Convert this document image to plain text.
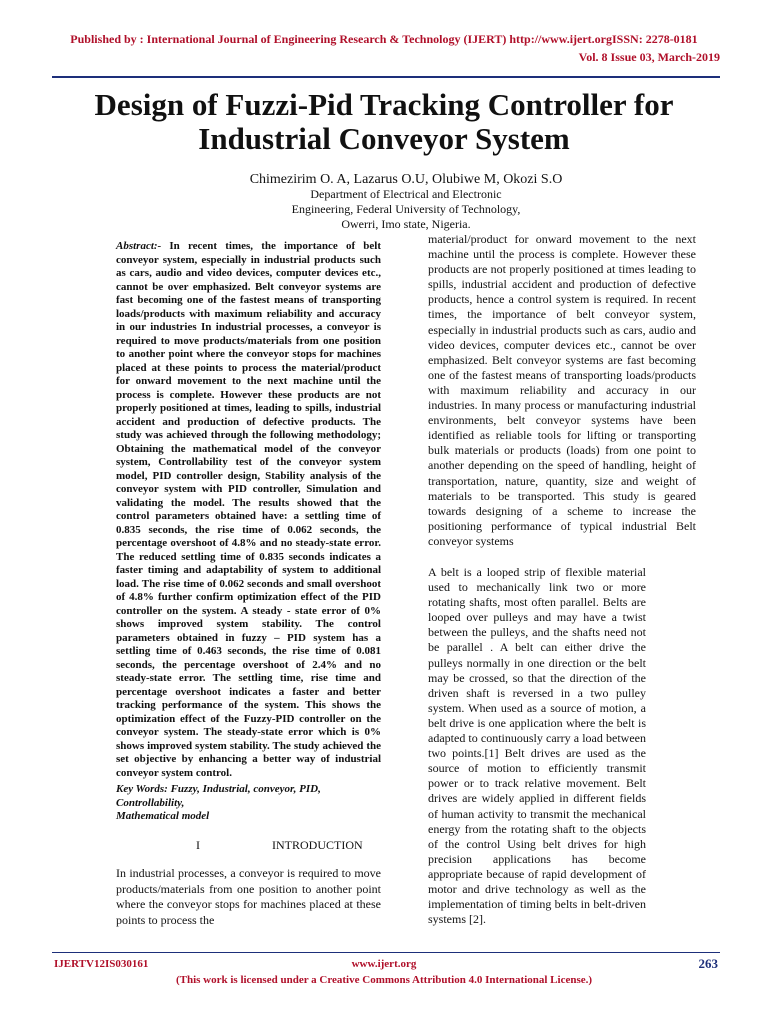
Published by : International Journal of Engineering Research & Technology (IJERT) http://www.ijert.orgISSN: 2278-0181
Vol. 8 Issue 03, March-2019
Design of Fuzzi-Pid Tracking Controller for
Industrial Conveyor System
Chimezirim O. A, Lazarus O.U, Olubiwe M, Okozi S.O
Department of Electrical and Electronic
Engineering, Federal University of Technology,
Owerri, Imo state, Nigeria.

Abstract:- In recent times, the importance of belt conveyor system, especially in industrial products such as cars, audio and video devices, computer devices etc., cannot be over emphasized. Belt conveyor systems are fast becoming one of the fastest means of transporting loads/products with maximum reliability and accuracy in our industries In industrial processes, a conveyor is required to move products/materials from one position to another point where the conveyor stops for machines placed at these points to process the material/product for onward movement to the next machine until the process is complete. However these products are not properly positioned at times, leading to spills, industrial accident and production of defective products. The study was achieved through the following methodology; Obtaining the mathematical model of the conveyor system, Controllability test of the conveyor system model, PID controller design, Stability analysis of the conveyor system with PID controller, Simulation and validating the model. The results showed that the control parameters obtained have: a settling time of 0.835 seconds, the rise time of 0.062 seconds, the percentage overshoot of 4.8% and no steady-state error. The reduced settling time of 0.835 seconds indicates a faster timing and adaptability of system to additional load. The rise time of 0.062 seconds and small overshoot of 4.8% further confirm optimization effect of the PID controller on the system. A steady - state error of 0% shows improved system stability. The control parameters obtained in fuzzy – PID system has a settling time of 0.463 seconds, the rise time of 0.081 seconds, the percentage overshoot of 2.4% and no steady-state error. The settling time, rise time and percentage overshoot indicates a faster and better tracking performance of the system. This shows the optimization effect of the Fuzzy-PID controller on the conveyor system. The steady-state error which is 0% shows improved system stability. The study achieved the set objective by enhancing a better way of industrial conveyor system control.

Key Words: Fuzzy, Industrial, conveyor, PID,
Controllability,
Mathematical model
I	INTRODUCTION
In industrial processes, a conveyor is required to move products/materials from one position to another point where the conveyor stops for machines placed at these points to process the
material/product for onward movement to the next machine until the process is complete. However these products are not properly positioned at times leading to spills, industrial accident and production of defective products, hence a control system is required. In recent times, the importance of belt conveyor system, especially in industrial products such as cars, audio and video devices, computer devices etc., cannot be over emphasized. Belt conveyor systems are fast becoming one of the fastest means of transporting loads/products with maximum reliability and accuracy in our industries. In many process or manufacturing industrial environments, belt conveyor systems have been identified as reliable tools for lifting or transporting bulk materials or products (loads) from one point to another depending on the speed of handling, height of transportation, nature, quantity, size and weight of materials to be transported. This study is geared towards designing of a scheme to increase the positioning performance of typical industrial Belt conveyor systems
A belt is a looped strip of flexible material used to mechanically link two or more rotating shafts, most often parallel. Belts are looped over pulleys and may have a twist between the pulleys, and the shafts need not be parallel . A belt can either drive the pulleys normally in one direction or the belt may be crossed, so that the direction of the driven shaft is reversed in a two pulley system. When used as a source of motion, a belt drive is one application where the belt is adapted to continuously carry a load between two points.[1] Belt drives are used as the source of motion to efficiently transmit power or to track relative movement. Belt drives are widely applied in different fields of human activity to transmit the mechanical energy from the rotating shaft to the objects of the control Using belt drives for high precision applications has become appropriate because of rapid development of motor and drive technology as well as the implementation of timing belts in belt-driven systems [2].
IJERTV12IS030161	www.ijert.org	263
(This work is licensed under a Creative Commons Attribution 4.0 International License.)
